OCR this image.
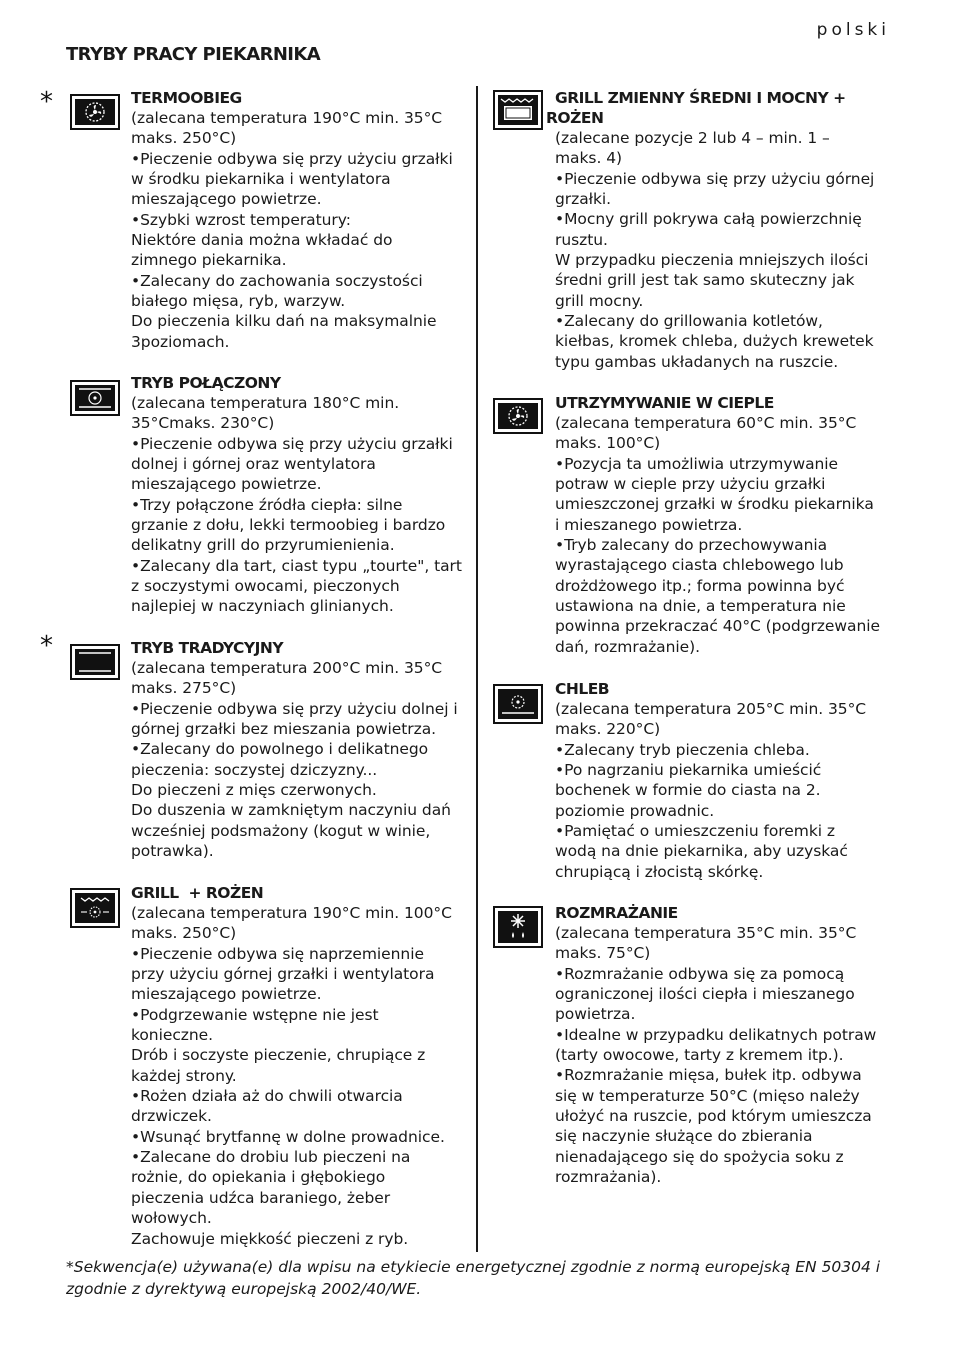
polski
TRYBY PRACY PIEKARNIKA
*	TERMOOBIEG
(zalecana temperatura 190°C min. 35°C
maks. 250°C)
•Pieczenie odbywa się przy użyciu grzałki
w środku piekarnika i wentylatora
mieszającego powietrze.
•Szybki wzrost temperatury:
Niektóre dania można wkładać do
zimnego piekarnika.
•Zalecany do zachowania soczystości
białego mięsa, ryb, warzyw.
Do pieczenia kilku dań na maksymalnie
3poziomach.
TRYB POŁĄCZONY
(zalecana temperatura 180°C min.
35°Cmaks. 230°C)
•Pieczenie odbywa się przy użyciu grzałki
dolnej i górnej oraz wentylatora
mieszającego powietrze.
•Trzy połączone źródła ciepła: silne
grzanie z dołu, lekki termoobieg i bardzo
delikatny grill do przyrumienienia.
•Zalecany dla tart, ciast typu „tourte", tart
z soczystymi owocami, pieczonych
najlepiej w naczyniach glinianych.
*	TRYB TRADYCYJNY
(zalecana temperatura 200°C min. 35°C
maks. 275°C)
•Pieczenie odbywa się przy użyciu dolnej i
górnej grzałki bez mieszania powietrza.
•Zalecany do powolnego i delikatnego
pieczenia: soczystej dziczyzny...
Do pieczeni z mięs czerwonych.
Do duszenia w zamkniętym naczyniu dań
wcześniej podsmażony (kogut w winie,
potrawka).
GRILL  + ROŻEN
(zalecana temperatura 190°C min. 100°C
maks. 250°C)
•Pieczenie odbywa się naprzemiennie
przy użyciu górnej grzałki i wentylatora
mieszającego powietrze.
•Podgrzewanie wstępne nie jest
konieczne.
Drób i soczyste pieczenie, chrupiące z
każdej strony.
•Rożen działa aż do chwili otwarcia
drzwiczek.
•Wsunąć brytfannę w dolne prowadnice.
•Zalecane do drobiu lub pieczeni na
rożnie, do opiekania i głębokiego
pieczenia udźca baraniego, żeber
wołowych.
Zachowuje miękkość pieczeni z ryb.
GRILL ZMIENNY ŚREDNI I MOCNY +
ROŻEN
(zalecane pozycje 2 lub 4 – min. 1 –
maks. 4)
•Pieczenie odbywa się przy użyciu górnej
grzałki.
•Mocny grill pokrywa całą powierzchnię
rusztu.
W przypadku pieczenia mniejszych ilości
średni grill jest tak samo skuteczny jak
grill mocny.
•Zalecany do grillowania kotletów,
kiełbas, kromek chleba, dużych krewetek
typu gambas układanych na ruszcie.
UTRZYMYWANIE W CIEPLE
(zalecana temperatura 60°C min. 35°C
maks. 100°C)
•Pozycja ta umożliwia utrzymywanie
potraw w cieple przy użyciu grzałki
umieszczonej grzałki w środku piekarnika
i mieszanego powietrza.
•Tryb zalecany do przechowywania
wyrastającego ciasta chlebowego lub
drożdżowego itp.; forma powinna być
ustawiona na dnie, a temperatura nie
powinna przekraczać 40°C (podgrzewanie
dań, rozmrażanie).
CHLEB
(zalecana temperatura 205°C min. 35°C
maks. 220°C)
•Zalecany tryb pieczenia chleba.
•Po nagrzaniu piekarnika umieścić
bochenek w formie do ciasta na 2.
poziomie prowadnic.
•Pamiętać o umieszczeniu foremki z
wodą na dnie piekarnika, aby uzyskać
chrupiącą i złocistą skórkę.
ROZMRAŻANIE
(zalecana temperatura 35°C min. 35°C
maks. 75°C)
•Rozmrażanie odbywa się za pomocą
ograniczonej ilości ciepła i mieszanego
powietrza.
•Idealne w przypadku delikatnych potraw
(tarty owocowe, tarty z kremem itp.).
•Rozmrażanie mięsa, bułek itp. odbywa
się w temperaturze 50°C (mięso należy
ułożyć na ruszcie, pod którym umieszcza
się naczynie służące do zbierania
nienadającego się do spożycia soku z
rozmrażania).
*Sekwencja(e) używana(e) dla wpisu na etykiecie energetycznej zgodnie z normą europejską EN 50304 i
zgodnie z dyrektywą europejską 2002/40/WE.
